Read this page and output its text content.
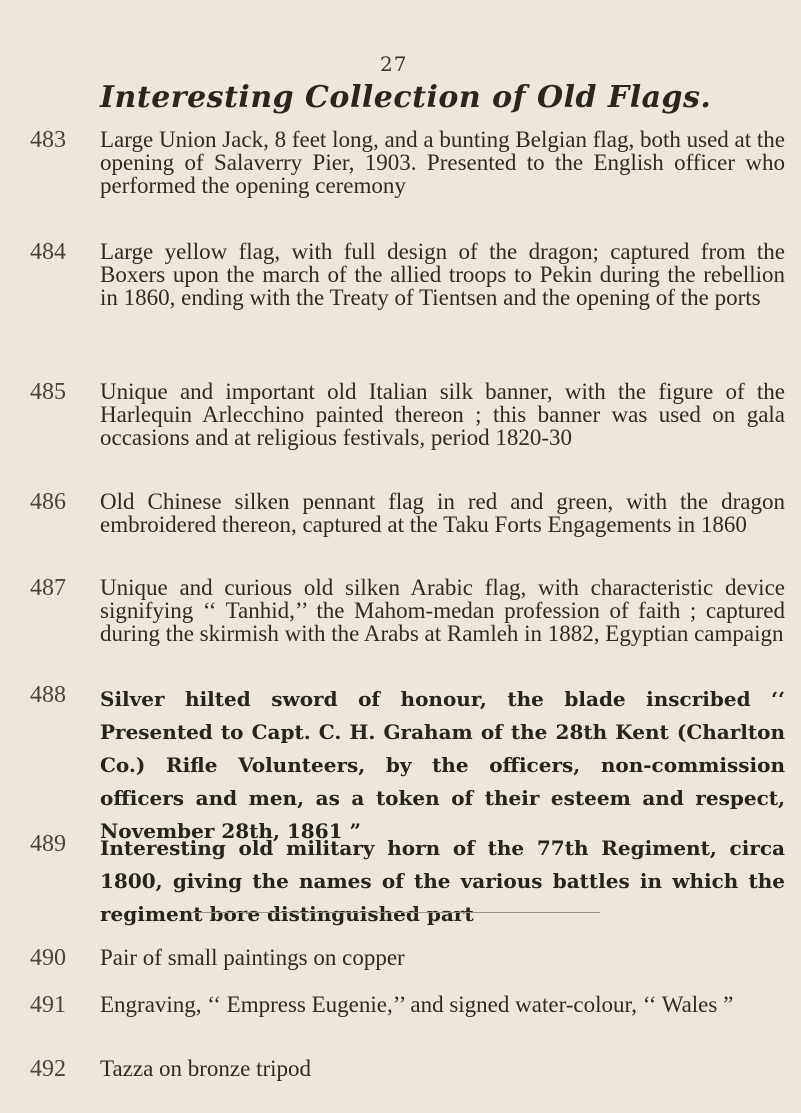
27
Interesting Collection of Old Flags.
483	Large Union Jack, 8 feet long, and a bunting Belgian flag, both used at the opening of Salaverry Pier, 1903. Presented to the English officer who performed the opening ceremony
484	Large yellow flag, with full design of the dragon; captured from the Boxers upon the march of the allied troops to Pekin during the rebellion in 1860, ending with the Treaty of Tientsen and the opening of the ports
485	Unique and important old Italian silk banner, with the figure of the Harlequin Arlecchino painted thereon ; this banner was used on gala occasions and at religious festivals, period 1820-30
486	Old Chinese silken pennant flag in red and green, with the dragon embroidered thereon, captured at the Taku Forts Engagements in 1860
487	Unique and curious old silken Arabic flag, with characteristic device signifying ‘‘ Tanhid,’’ the Mahom-medan profession of faith ; captured during the skirmish with the Arabs at Ramleh in 1882, Egyptian campaign
488	Silver hilted sword of honour, the blade inscribed ‘‘ Presented to Capt. C. H. Graham of the 28th Kent (Charlton Co.) Rifle Volunteers, by the officers, non-commission officers and men, as a token of their esteem and respect, November 28th, 1861 ”
489	Interesting old military horn of the 77th Regiment, circa 1800, giving the names of the various battles in which the regiment bore distinguished part
490	Pair of small paintings on copper
491	Engraving, ‘‘ Empress Eugenie,’’ and signed water-colour, ‘‘ Wales ”
492	Tazza on bronze tripod
